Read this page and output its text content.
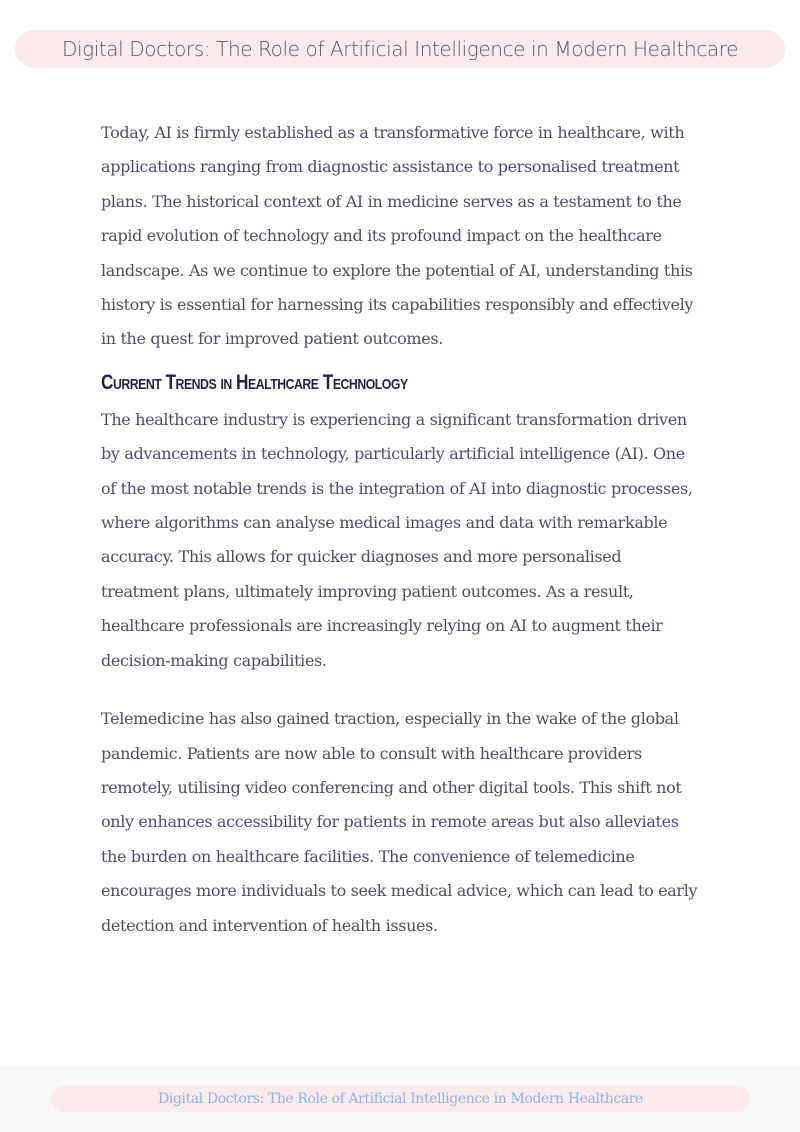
Digital Doctors: The Role of Artificial Intelligence in Modern Healthcare

Today, AI is firmly established as a transformative force in healthcare, with applications ranging from diagnostic assistance to personalised treatment plans. The historical context of AI in medicine serves as a testament to the rapid evolution of technology and its profound impact on the healthcare landscape. As we continue to explore the potential of AI, understanding this history is essential for harnessing its capabilities responsibly and effectively in the quest for improved patient outcomes.

Current Trends in Healthcare Technology

The healthcare industry is experiencing a significant transformation driven by advancements in technology, particularly artificial intelligence (AI). One of the most notable trends is the integration of AI into diagnostic processes, where algorithms can analyse medical images and data with remarkable accuracy. This allows for quicker diagnoses and more personalised treatment plans, ultimately improving patient outcomes. As a result, healthcare professionals are increasingly relying on AI to augment their decision-making capabilities.

Telemedicine has also gained traction, especially in the wake of the global pandemic. Patients are now able to consult with healthcare providers remotely, utilising video conferencing and other digital tools. This shift not only enhances accessibility for patients in remote areas but also alleviates the burden on healthcare facilities. The convenience of telemedicine encourages more individuals to seek medical advice, which can lead to early detection and intervention of health issues.

Digital Doctors: The Role of Artificial Intelligence in Modern Healthcare
